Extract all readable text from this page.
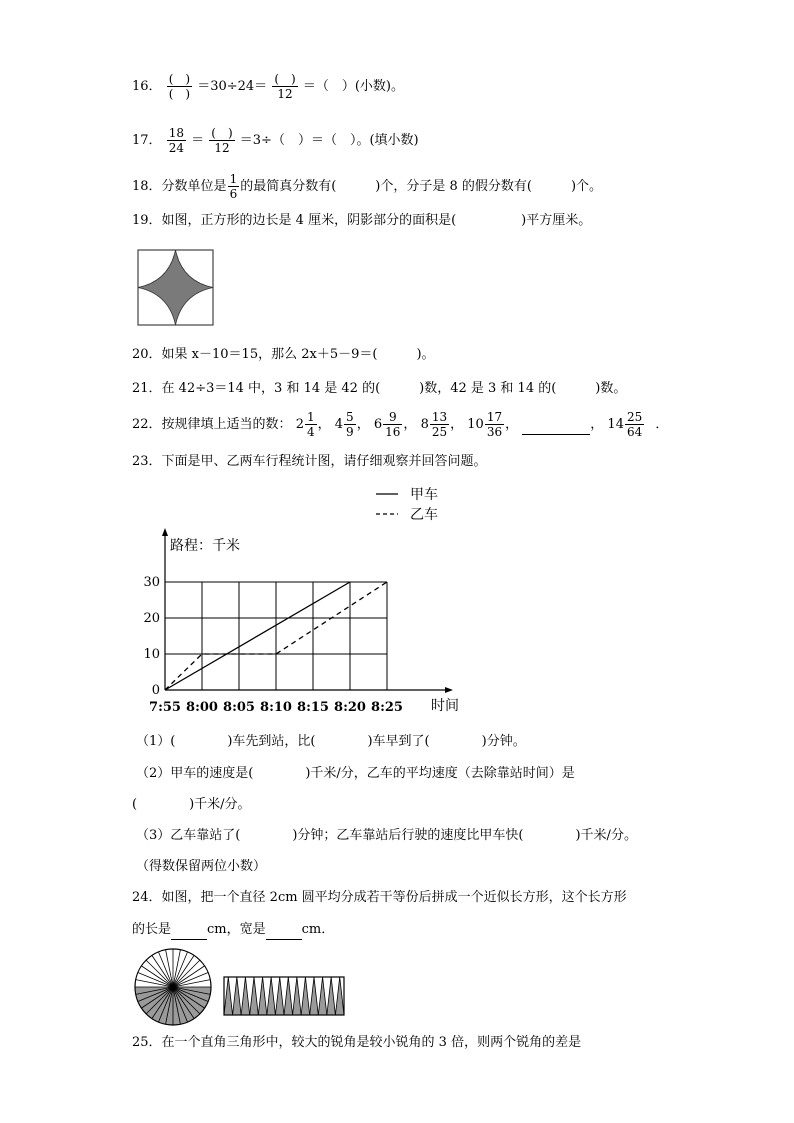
16． $\frac{( )}{( )} =30\div 24= \frac{( )}{12}$ ＝（　）(小数)。
17． $\frac{18}{24} = \frac{( )}{12} =3\div$（　）＝（　）。(填小数)
18．分数单位是 $\frac{1}{6}$ 的最简真分数有(　　　)个，分子是 8 的假分数有(　　　)个。
19．如图，正方形的边长是 4 厘米，阴影部分的面积是(　　　　　)平方厘米。
20．如果 x－10＝15，那么 2x＋5－9＝(　　　)。
21．在 42÷3＝14 中，3 和 14 是 42 的(　　　)数，42 是 3 和 14 的(　　　)数。
22．按规律填上适当的数： $2 \frac{1}{4}$ ， $4 \frac{5}{9}$ ， $6 \frac{9}{16}$ ， $8 \frac{13}{25}$ ， $10 \frac{17}{36}$ ，	， $14 \frac{25}{64}$ ．
23．下面是甲、乙两车行程统计图，请仔细观察并回答问题。
路程：千米
时间
7:55 8:00 8:05 8:10 8:15 8:20 8:25
0
10
20
30
甲车
乙车
（1）(　　　　)车先到站，比(　　　　)车早到了(　　　　)分钟。
（2）甲车的速度是(　　　　)千米/分，乙车的平均速度（去除靠站时间）是
(　　　　)千米/分。
（3）乙车靠站了(　　　　)分钟；乙车靠站后行驶的速度比甲车快(　　　　)千米/分。
（得数保留两位小数）
24．如图，把一个直径 2cm 圆平均分成若干等份后拼成一个近似长方形，这个长方形
的长是	cm，宽是	cm．
25．在一个直角三角形中，较大的锐角是较小锐角的 3 倍，则两个锐角的差是
